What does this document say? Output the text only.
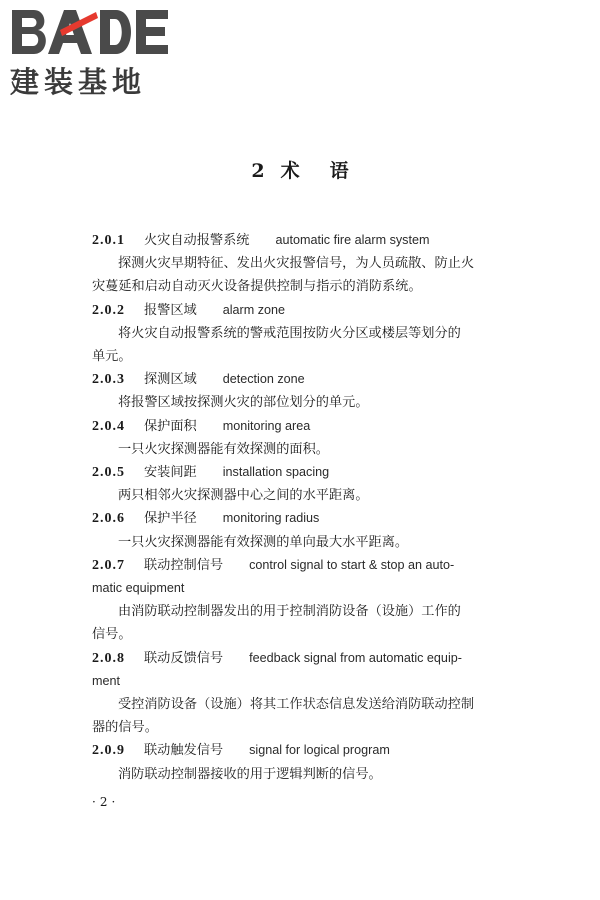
建装基地
2 术 语
2.0.1 火灾自动报警系统 automatic fire alarm system
探测火灾早期特征、发出火灾报警信号，为人员疏散、防止火
灾蔓延和启动自动灭火设备提供控制与指示的消防系统。
2.0.2 报警区域 alarm zone
将火灾自动报警系统的警戒范围按防火分区或楼层等划分的
单元。
2.0.3 探测区域 detection zone
将报警区域按探测火灾的部位划分的单元。
2.0.4 保护面积 monitoring area
一只火灾探测器能有效探测的面积。
2.0.5 安装间距 installation spacing
两只相邻火灾探测器中心之间的水平距离。
2.0.6 保护半径 monitoring radius
一只火灾探测器能有效探测的单向最大水平距离。
2.0.7 联动控制信号 control signal to start & stop an auto-
matic equipment
由消防联动控制器发出的用于控制消防设备（设施）工作的
信号。
2.0.8 联动反馈信号 feedback signal from automatic equip-
ment
受控消防设备（设施）将其工作状态信息发送给消防联动控制
器的信号。
2.0.9 联动触发信号 signal for logical program
消防联动控制器接收的用于逻辑判断的信号。
·2·
